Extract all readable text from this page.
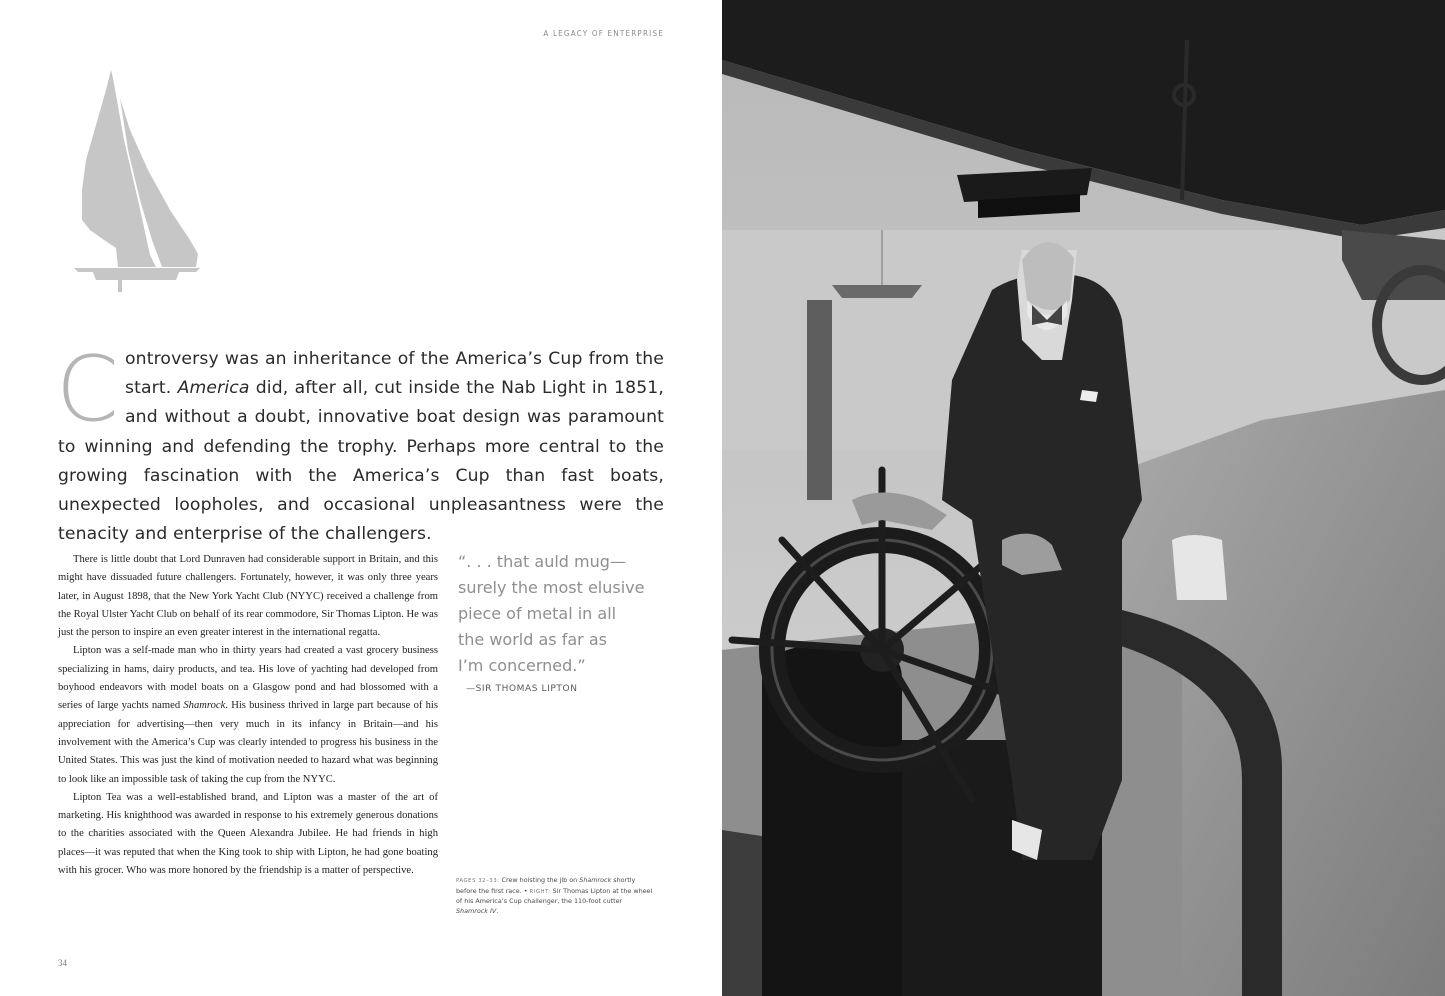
A LEGACY OF ENTERPRISE
Controversy was an inheritance of the America’s Cup from the start. America did, after all, cut inside the Nab Light in 1851, and without a doubt, innovative boat design was paramount to winning and defending the trophy. Perhaps more central to the growing fascination with the America’s Cup than fast boats, unexpected loopholes, and occasional unpleasantness were the tenacity and enterprise of the challengers.

There is little doubt that Lord Dunraven had considerable support in Britain, and this might have dissuaded future challengers. Fortunately, however, it was only three years later, in August 1898, that the New York Yacht Club (NYYC) received a challenge from the Royal Ulster Yacht Club on behalf of its rear commodore, Sir Thomas Lipton. He was just the person to inspire an even greater interest in the international regatta.

Lipton was a self-made man who in thirty years had created a vast grocery business specializing in hams, dairy products, and tea. His love of yachting had developed from boyhood endeavors with model boats on a Glasgow pond and had blossomed with a series of large yachts named Shamrock. His business thrived in large part because of his appreciation for advertising—then very much in its infancy in Britain—and his involvement with the America’s Cup was clearly intended to progress his business in the United States. This was just the kind of motivation needed to hazard what was beginning to look like an impossible task of taking the cup from the NYYC.

Lipton Tea was a well-established brand, and Lipton was a master of the art of marketing. His knighthood was awarded in response to his extremely generous donations to the charities associated with the Queen Alexandra Jubilee. He had friends in high places—it was reputed that when the King took to ship with Lipton, he had gone boating with his grocer. Who was more honored by the friendship is a matter of perspective.

“. . . that auld mug—
surely the most elusive
piece of metal in all
the world as far as
I’m concerned.”
—SIR THOMAS LIPTON
PAGES 32–33: Crew hoisting the jib on Shamrock shortly before the first race. • RIGHT: Sir Thomas Lipton at the wheel of his America’s Cup challenger, the 110-foot cutter Shamrock IV.
34
